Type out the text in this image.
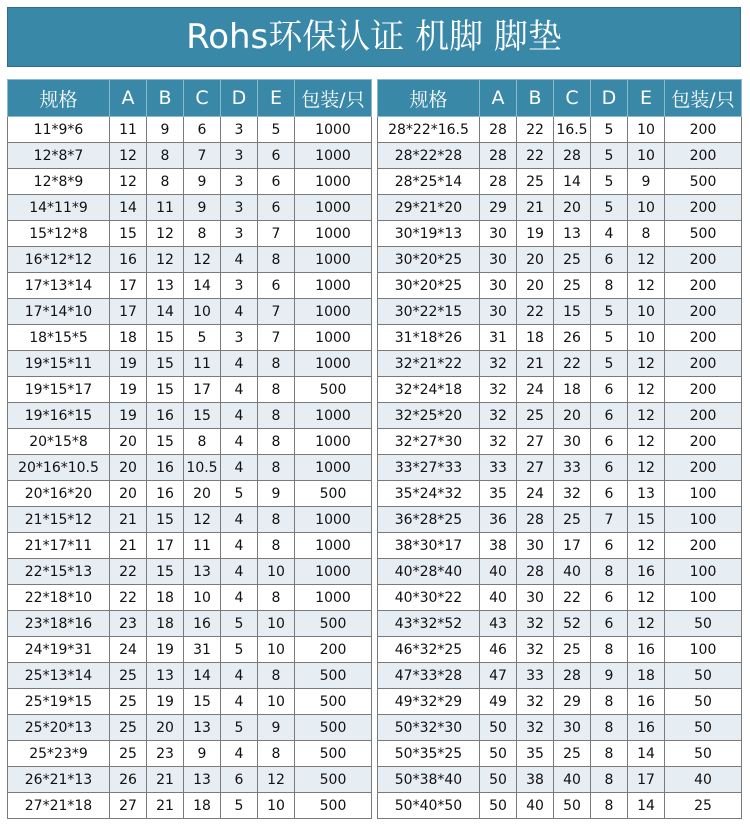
Rohs环保认证 机脚 脚垫
规格	A	B	C	D	E	包装/只
11*9*6	11	9	6	3	5	1000
12*8*7	12	8	7	3	6	1000
12*8*9	12	8	9	3	6	1000
14*11*9	14	11	9	3	6	1000
15*12*8	15	12	8	3	7	1000
16*12*12	16	12	12	4	8	1000
17*13*14	17	13	14	3	6	1000
17*14*10	17	14	10	4	7	1000
18*15*5	18	15	5	3	7	1000
19*15*11	19	15	11	4	8	1000
19*15*17	19	15	17	4	8	500
19*16*15	19	16	15	4	8	1000
20*15*8	20	15	8	4	8	1000
20*16*10.5	20	16	10.5	4	8	1000
20*16*20	20	16	20	5	9	500
21*15*12	21	15	12	4	8	1000
21*17*11	21	17	11	4	8	1000
22*15*13	22	15	13	4	10	1000
22*18*10	22	18	10	4	8	1000
23*18*16	23	18	16	5	10	500
24*19*31	24	19	31	5	10	200
25*13*14	25	13	14	4	8	500
25*19*15	25	19	15	4	10	500
25*20*13	25	20	13	5	9	500
25*23*9	25	23	9	4	8	500
26*21*13	26	21	13	6	12	500
27*21*18	27	21	18	5	10	500
规格	A	B	C	D	E	包装/只
28*22*16.5	28	22	16.5	5	10	200
28*22*28	28	22	28	5	10	200
28*25*14	28	25	14	5	9	500
29*21*20	29	21	20	5	10	200
30*19*13	30	19	13	4	8	500
30*20*25	30	20	25	6	12	200
30*20*25	30	20	25	8	12	200
30*22*15	30	22	15	5	10	200
31*18*26	31	18	26	5	10	200
32*21*22	32	21	22	5	12	200
32*24*18	32	24	18	6	12	200
32*25*20	32	25	20	6	12	200
32*27*30	32	27	30	6	12	200
33*27*33	33	27	33	6	12	200
35*24*32	35	24	32	6	13	100
36*28*25	36	28	25	7	15	100
38*30*17	38	30	17	6	12	200
40*28*40	40	28	40	8	16	100
40*30*22	40	30	22	6	12	100
43*32*52	43	32	52	6	12	50
46*32*25	46	32	25	8	16	100
47*33*28	47	33	28	9	18	50
49*32*29	49	32	29	8	16	50
50*32*30	50	32	30	8	16	50
50*35*25	50	35	25	8	14	50
50*38*40	50	38	40	8	17	40
50*40*50	50	40	50	8	14	25
